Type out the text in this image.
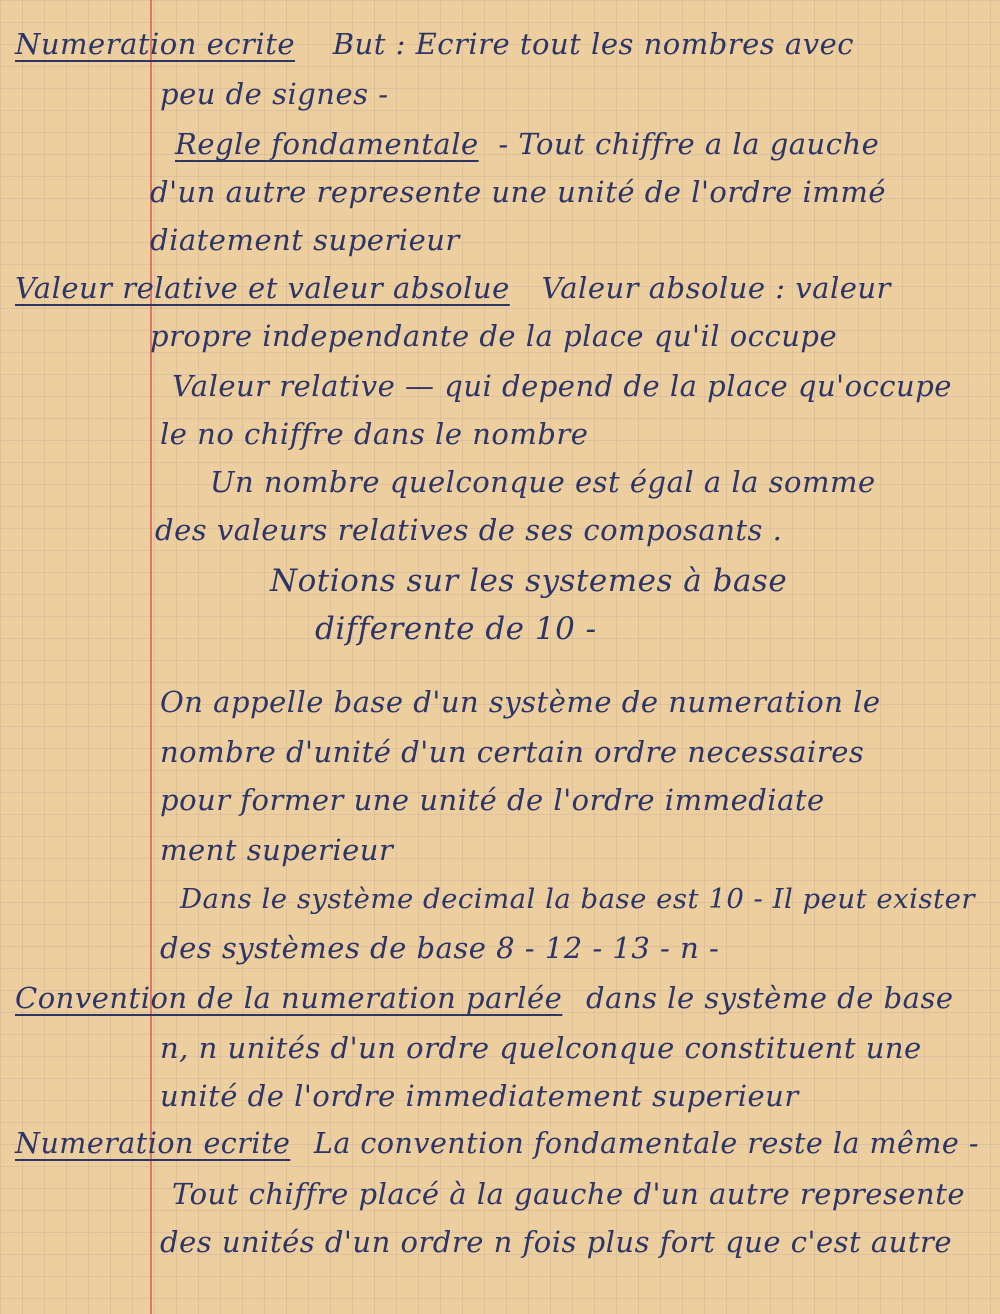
Numeration ecrite But : Ecrire tout les nombres avec
peu de signes -
Regle fondamentale - Tout chiffre a la gauche
d'un autre represente une unité de l'ordre immé
diatement superieur
Valeur relative et valeur absolue Valeur absolue : valeur
propre independante de la place qu'il occupe
Valeur relative — qui depend de la place qu'occupe
le no chiffre dans le nombre
Un nombre quelconque est égal a la somme
des valeurs relatives de ses composants .
Notions sur les systemes à base
differente de 10 -
On appelle base d'un système de numeration le
nombre d'unité d'un certain ordre necessaires
pour former une unité de l'ordre immediate
ment superieur
Dans le système decimal la base est 10 - Il peut exister
des systèmes de base 8 - 12 - 13 - n -
Convention de la numeration parlée dans le système de base
n, n unités d'un ordre quelconque constituent une
unité de l'ordre immediatement superieur
Numeration ecrite La convention fondamentale reste la même -
Tout chiffre placé à la gauche d'un autre represente
des unités d'un ordre n fois plus fort que c'est autre
